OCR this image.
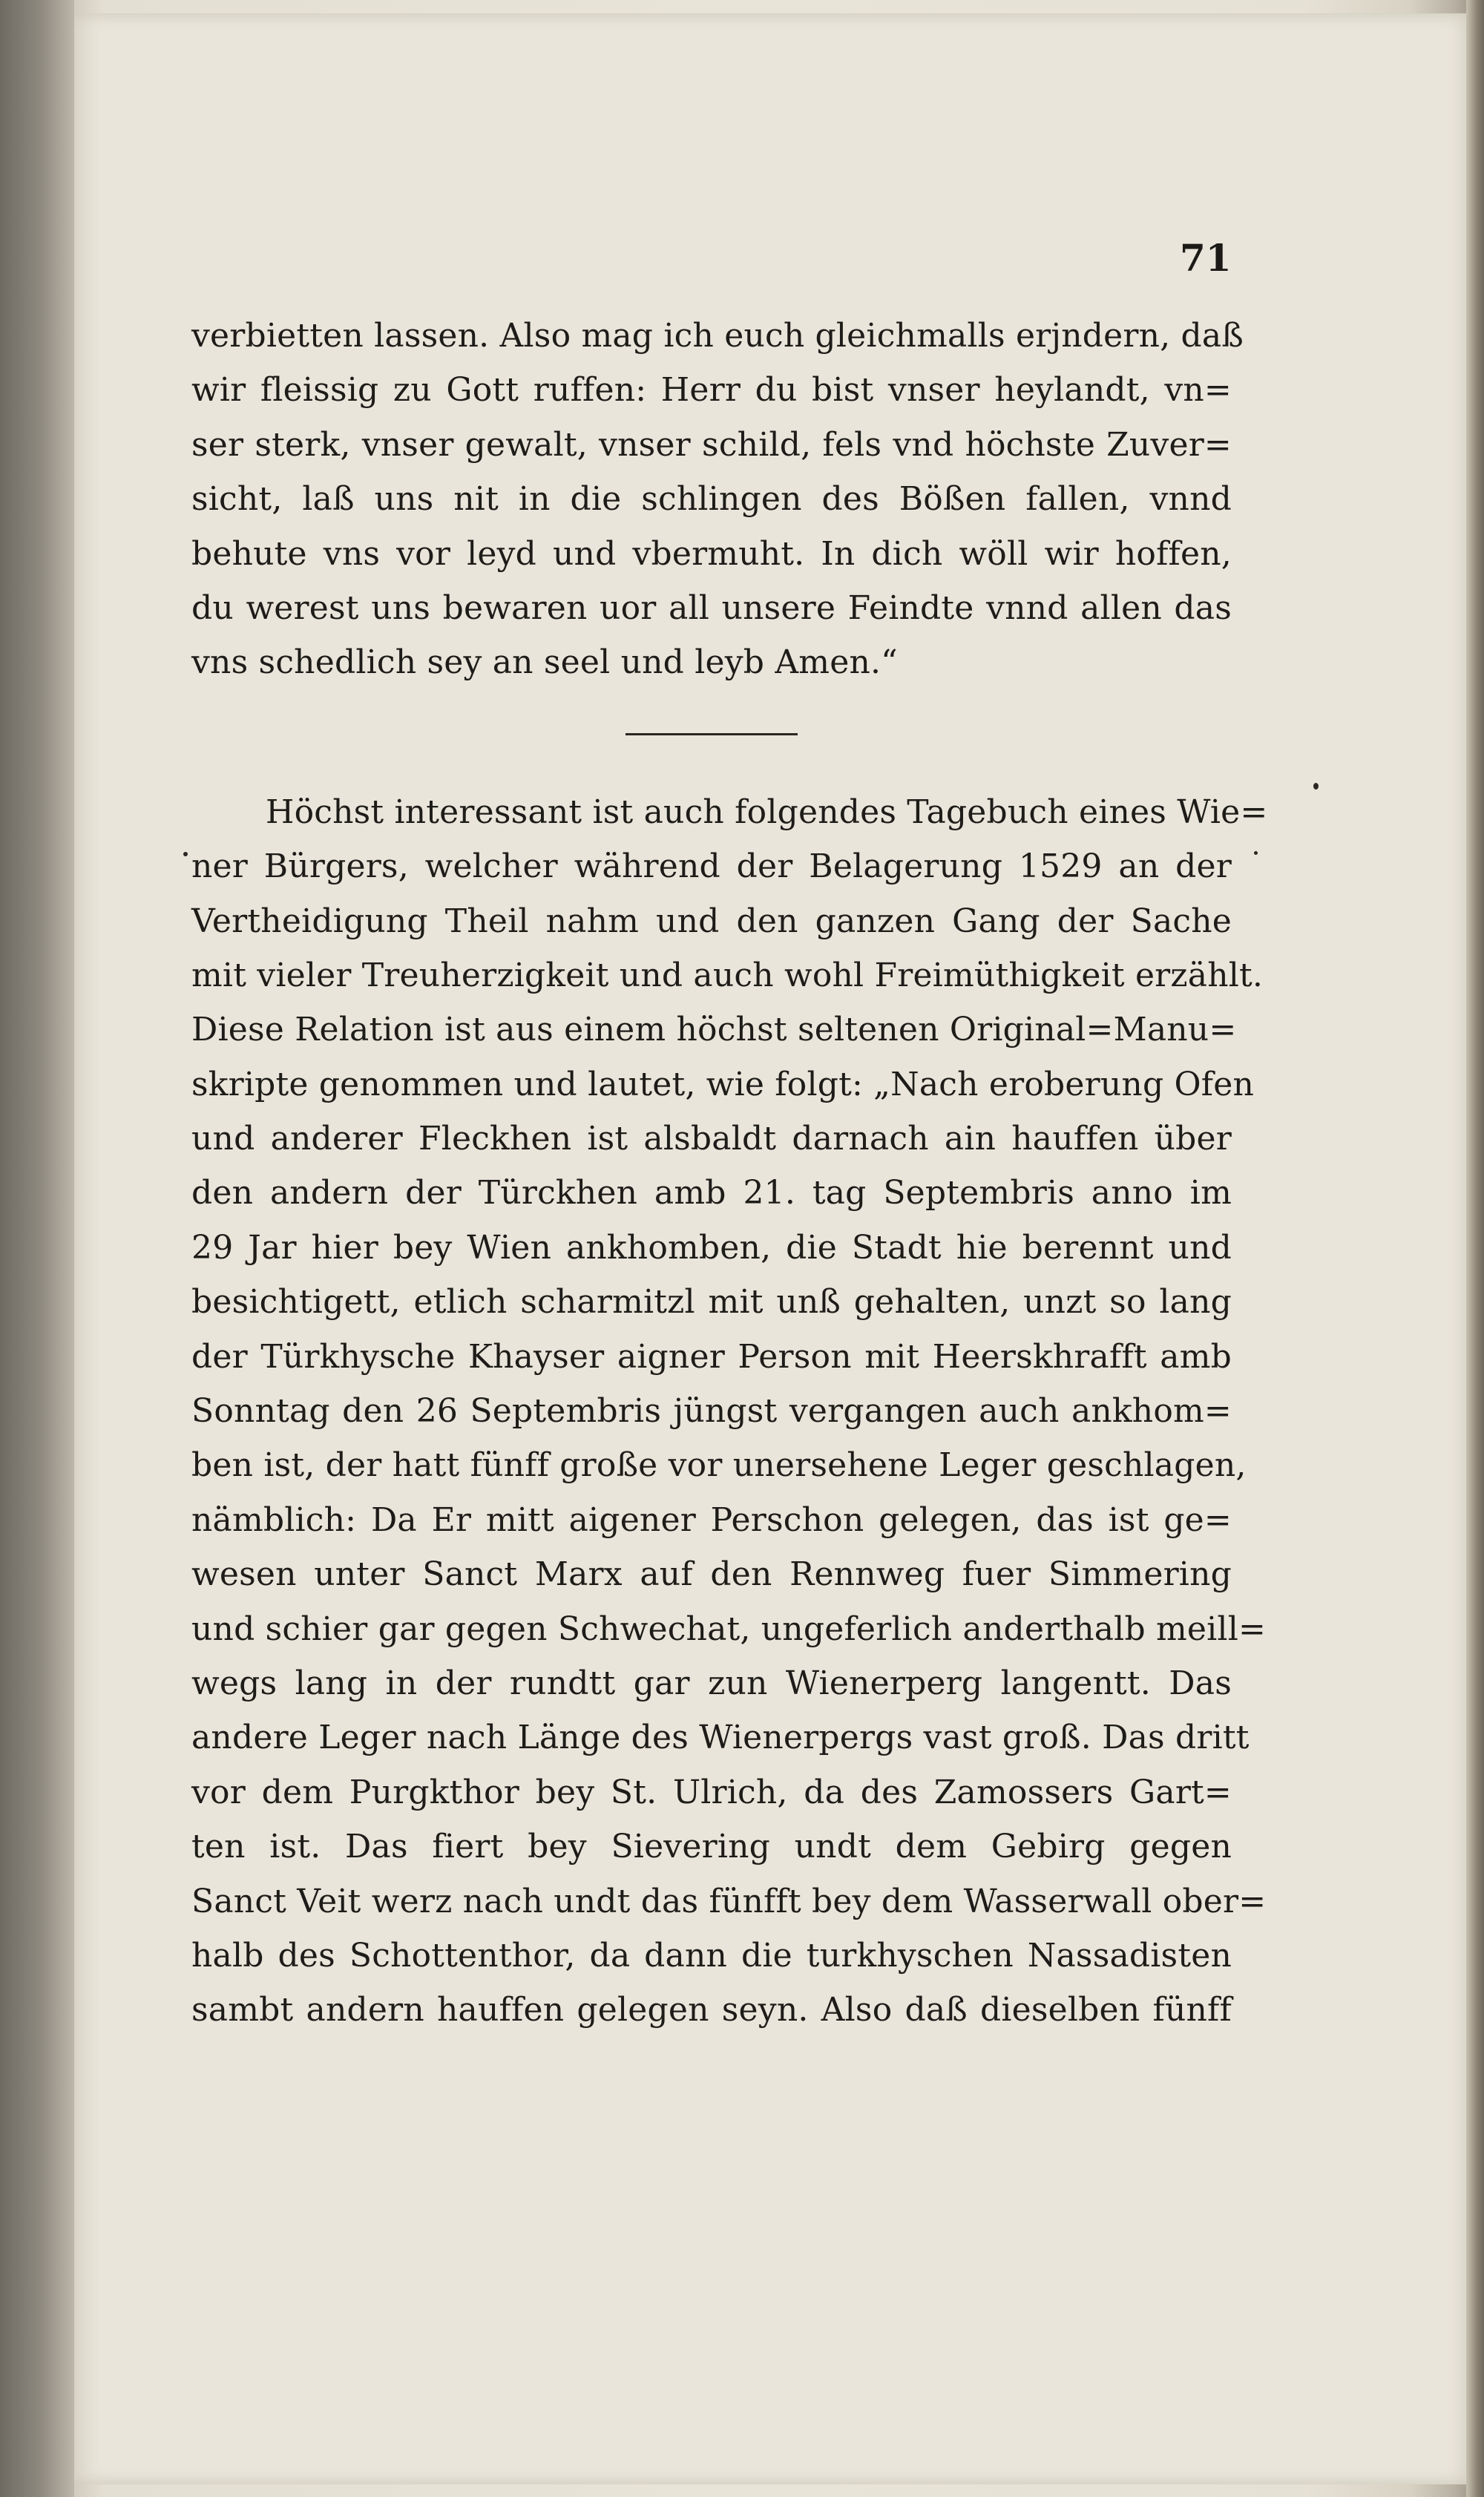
71
verbietten lassen. Also mag ich euch gleichmalls erjndern, daß
wir fleissig zu Gott ruffen: Herr du bist vnser heylandt, vn=
ser sterk, vnser gewalt, vnser schild, fels vnd höchste Zuver=
sicht, laß uns nit in die schlingen des Bößen fallen, vnnd
behute vns vor leyd und vbermuht. In dich wöll wir hoffen,
du werest uns bewaren uor all unsere Feindte vnnd allen das
vns schedlich sey an seel und leyb Amen.“
Höchst interessant ist auch folgendes Tagebuch eines Wie=
ner Bürgers, welcher während der Belagerung 1529 an der
Vertheidigung Theil nahm und den ganzen Gang der Sache
mit vieler Treuherzigkeit und auch wohl Freimüthigkeit erzählt.
Diese Relation ist aus einem höchst seltenen Original=Manu=
skripte genommen und lautet, wie folgt: „Nach eroberung Ofen
und anderer Fleckhen ist alsbaldt darnach ain hauffen über
den andern der Türckhen amb 21. tag Septembris anno im
29 Jar hier bey Wien ankhomben, die Stadt hie berennt und
besichtigett, etlich scharmitzl mit unß gehalten, unzt so lang
der Türkhysche Khayser aigner Person mit Heerskhrafft amb
Sonntag den 26 Septembris jüngst vergangen auch ankhom=
ben ist, der hatt fünff große vor unersehene Leger geschlagen,
nämblich: Da Er mitt aigener Perschon gelegen, das ist ge=
wesen unter Sanct Marx auf den Rennweg fuer Simmering
und schier gar gegen Schwechat, ungeferlich anderthalb meill=
wegs lang in der rundtt gar zun Wienerperg langentt. Das
andere Leger nach Länge des Wienerpergs vast groß. Das dritt
vor dem Purgkthor bey St. Ulrich, da des Zamossers Gart=
ten ist. Das fiert bey Sievering undt dem Gebirg gegen
Sanct Veit werz nach undt das fünfft bey dem Wasserwall ober=
halb des Schottenthor, da dann die turkhyschen Nassadisten
sambt andern hauffen gelegen seyn. Also daß dieselben fünff
